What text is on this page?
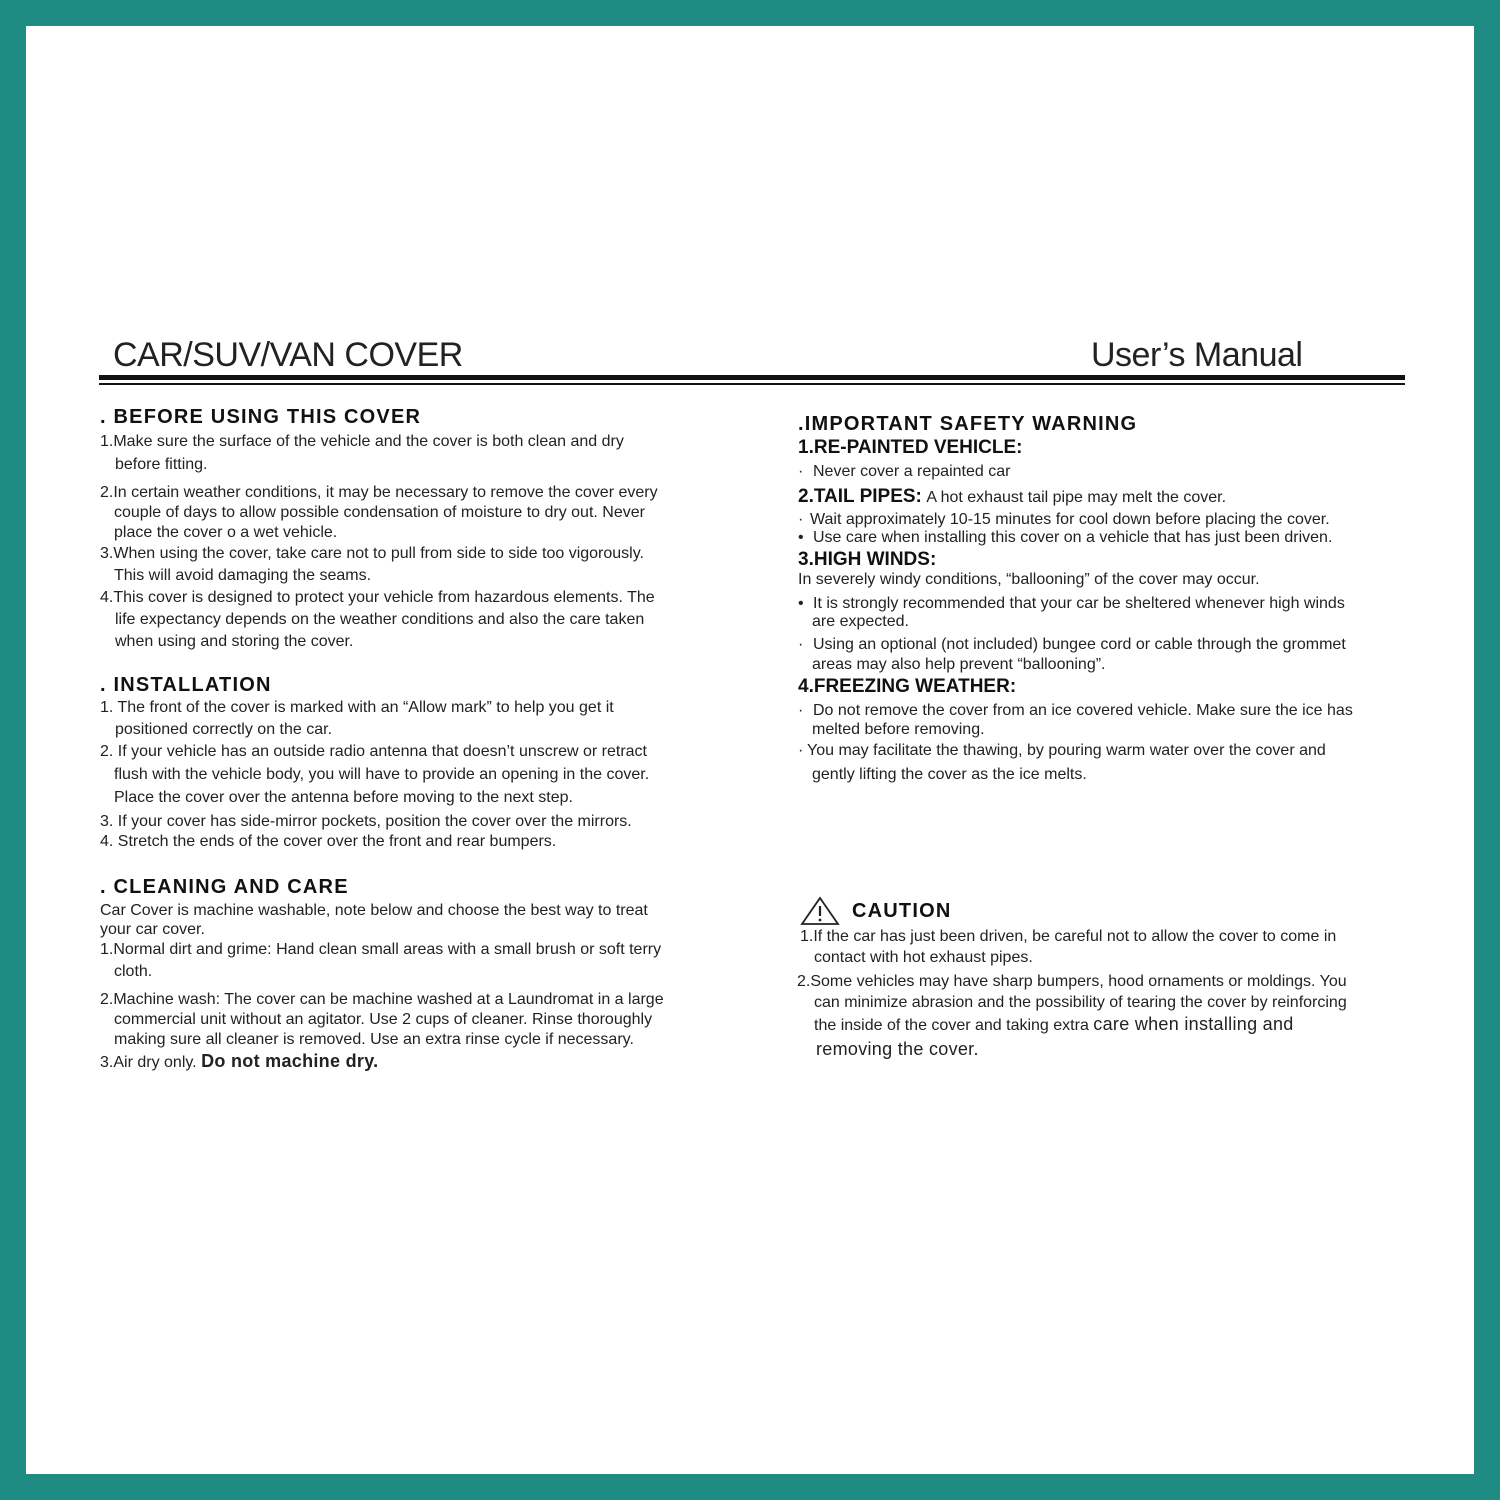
CAR/SUV/VAN COVER	User’s Manual
. BEFORE USING THIS COVER
1.Make sure the surface of the vehicle and the cover is both clean and dry
before fitting.
2.In certain weather conditions, it may be necessary to remove the cover every
couple of days to allow possible condensation of moisture to dry out. Never
place the cover o a wet vehicle.
3.When using the cover, take care not to pull from side to side too vigorously.
This will avoid damaging the seams.
4.This cover is designed to protect your vehicle from hazardous elements. The
life expectancy depends on the weather conditions and also the care taken
when using and storing the cover.
. INSTALLATION
1. The front of the cover is marked with an “Allow mark” to help you get it
positioned correctly on the car.
2. If your vehicle has an outside radio antenna that doesn’t unscrew or retract
flush with the vehicle body, you will have to provide an opening in the cover.
Place the cover over the antenna before moving to the next step.
3. If your cover has side-mirror pockets, position the cover over the mirrors.
4. Stretch the ends of the cover over the front and rear bumpers.
. CLEANING AND CARE
Car Cover is machine washable, note below and choose the best way to treat
your car cover.
1.Normal dirt and grime: Hand clean small areas with a small brush or soft terry
cloth.
2.Machine wash: The cover can be machine washed at a Laundromat in a large
commercial unit without an agitator. Use 2 cups of cleaner. Rinse thoroughly
making sure all cleaner is removed. Use an extra rinse cycle if necessary.
3.Air dry only. Do not machine dry.
.IMPORTANT SAFETY WARNING
1.RE-PAINTED VEHICLE:
· Never cover a repainted car
2.TAIL PIPES: A hot exhaust tail pipe may melt the cover.
· Wait approximately 10-15 minutes for cool down before placing the cover.
• Use care when installing this cover on a vehicle that has just been driven.
3.HIGH WINDS:
In severely windy conditions, “ballooning” of the cover may occur.
• It is strongly recommended that your car be sheltered whenever high winds
are expected.
· Using an optional (not included) bungee cord or cable through the grommet
areas may also help prevent “ballooning”.
4.FREEZING WEATHER:
· Do not remove the cover from an ice covered vehicle. Make sure the ice has
melted before removing.
· You may facilitate the thawing, by pouring warm water over the cover and
gently lifting the cover as the ice melts.
CAUTION
1.If the car has just been driven, be careful not to allow the cover to come in
contact with hot exhaust pipes.
2.Some vehicles may have sharp bumpers, hood ornaments or moldings. You
can minimize abrasion and the possibility of tearing the cover by reinforcing
the inside of the cover and taking extra care when installing and
removing the cover.
